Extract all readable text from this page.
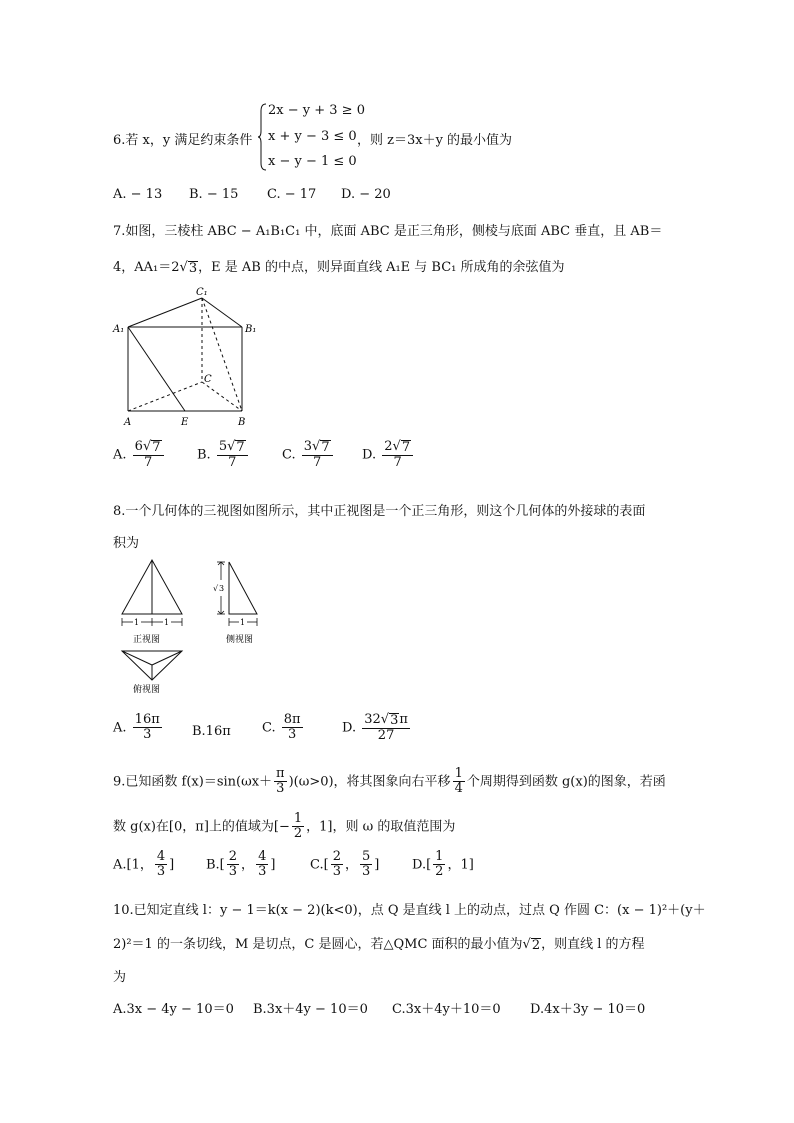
6.若 x，y 满足约束条件
2x − y + 3 ≥ 0
x + y − 3 ≤ 0
x − y − 1 ≤ 0
，则 z＝3x＋y 的最小值为
A. − 13 B. − 15 C. − 17 D. − 20
7.如图，三棱柱 ABC − A₁B₁C₁ 中，底面 ABC 是正三角形，侧棱与底面 ABC 垂直，且 AB＝
4，AA₁＝2 √ 3 ，E 是 AB 的中点，则异面直线 A₁E 与 BC₁ 所成角的余弦值为
C₁
A₁	B₁
C
A	E	B
A. $\frac{6 √ 7}{7}$	B. $\frac{5 √ 7}{7}$	C. $\frac{3 √ 7}{7} D$. $\frac{2 √ 7}{7}$
8.一个几何体的三视图如图所示，其中正视图是一个正三角形，则这个几何体的外接球的表面
积为
1	1
正视图
√ 3
1
侧视图
俯视图
A. $\frac{16\pi}{3} B.16\pi$ C. $\frac{8\pi}{3}$	D. $\frac{32 √ 3 \pi}{27}$
9.已知函数 $f(x)=\sin(\omega x+ \frac{\pi}{3} )(\omega>0)$，将其图象向右平移 $\frac{1}{4}$ 个周期得到函数 g(x)的图象，若函
数 g(x)在[0，π]上的值域为[− $\frac{1}{2}$ ，1]，则 ω 的取值范围为
A.[1， $\frac{4}{3}$ ] $B.[ \frac{2}{3}$ ， $\frac{4}{3}$ ]	$C.[ \frac{2}{3}$ ， $\frac{5}{3}$ ]	$D.[ \frac{1}{2}$ ，1]
10.已知定直线 l：y − 1＝k(x − 2)(k<0)，点 Q 是直线 l 上的动点，过点 Q 作圆 C：(x − 1)²＋(y＋
2)²＝1 的一条切线，M 是切点，C 是圆心，若△QMC 面积的最小值为 √ 2 ，则直线 l 的方程
为
A.3x − 4y − 10＝0 B.3x＋4y − 10＝0 C.3x＋4y＋10＝0 D.4x＋3y − 10＝0
